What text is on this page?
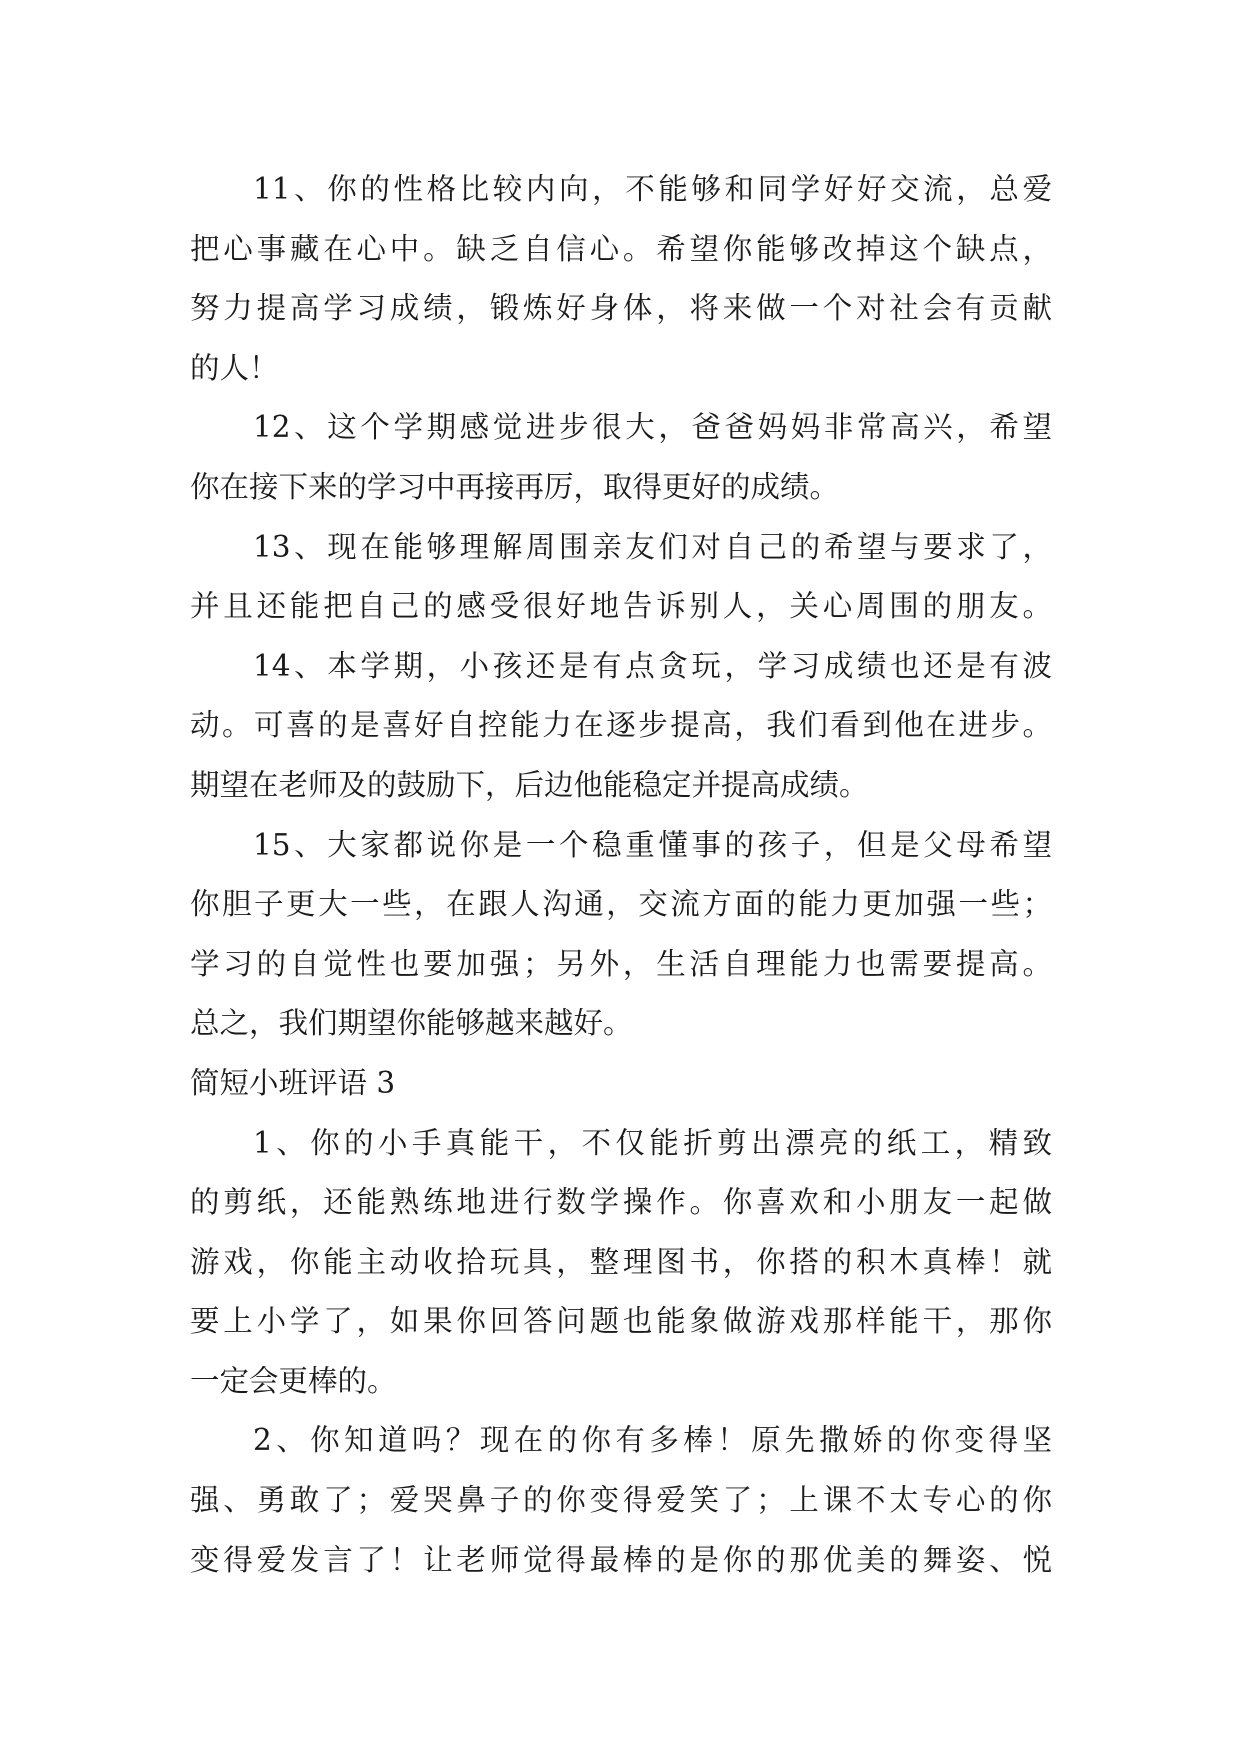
11、你的性格比较内向，不能够和同学好好交流，总爱
把心事藏在心中。缺乏自信心。希望你能够改掉这个缺点，
努力提高学习成绩，锻炼好身体，将来做一个对社会有贡献
的人！
12、这个学期感觉进步很大，爸爸妈妈非常高兴，希望
你在接下来的学习中再接再厉，取得更好的成绩。
13、现在能够理解周围亲友们对自己的希望与要求了，
并且还能把自己的感受很好地告诉别人，关心周围的朋友。
14、本学期，小孩还是有点贪玩，学习成绩也还是有波
动。可喜的是喜好自控能力在逐步提高，我们看到他在进步。
期望在老师及的鼓励下，后边他能稳定并提高成绩。
15、大家都说你是一个稳重懂事的孩子，但是父母希望
你胆子更大一些，在跟人沟通，交流方面的能力更加强一些；
学习的自觉性也要加强；另外，生活自理能力也需要提高。
总之，我们期望你能够越来越好。
简短小班评语 3
1、你的小手真能干，不仅能折剪出漂亮的纸工，精致
的剪纸，还能熟练地进行数学操作。你喜欢和小朋友一起做
游戏，你能主动收拾玩具，整理图书，你搭的积木真棒！就
要上小学了，如果你回答问题也能象做游戏那样能干，那你
一定会更棒的。
2、你知道吗？现在的你有多棒！原先撒娇的你变得坚
强、勇敢了；爱哭鼻子的你变得爱笑了；上课不太专心的你
变得爱发言了！让老师觉得最棒的是你的那优美的舞姿、悦
